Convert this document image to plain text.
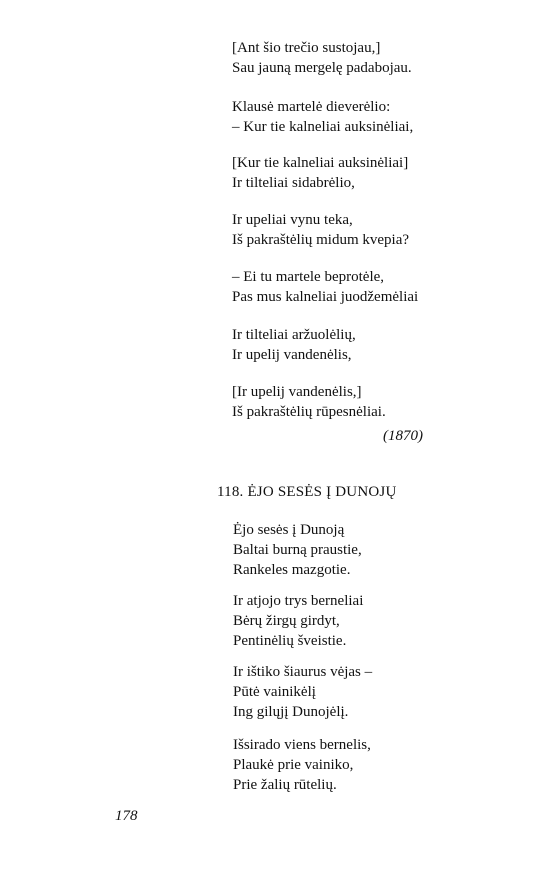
[Ant šio trečio sustojau,]
Sau jauną mergelę padabojau.
Klausė martelė dieverėlio:
– Kur tie kalneliai auksinėliai,
[Kur tie kalneliai auksinėliai]
Ir tilteliai sidabrėlio,
Ir upeliai vynu teka,
Iš pakraštėlių midum kvepia?
– Ei tu martele beprotėle,
Pas mus kalneliai juodžemėliai
Ir tilteliai aržuolėlių,
Ir upelij vandenėlis,
[Ir upelij vandenėlis,]
Iš pakraštėlių rūpesnėliai.
(1870)
118. ĖJO SESĖS Į DUNOJŲ
Ėjo sesės į Dunoją
Baltai burną praustie,
Rankeles mazgotie.
Ir atjojo trys berneliai
Bėrų žirgų girdyt,
Pentinėlių šveistie.
Ir ištiko šiaurus vėjas –
Pūtė vainikėlį
Ing gilųjį Dunojėlį.
Išsirado viens bernelis,
Plaukė prie vainiko,
Prie žalių rūtelių.
178
